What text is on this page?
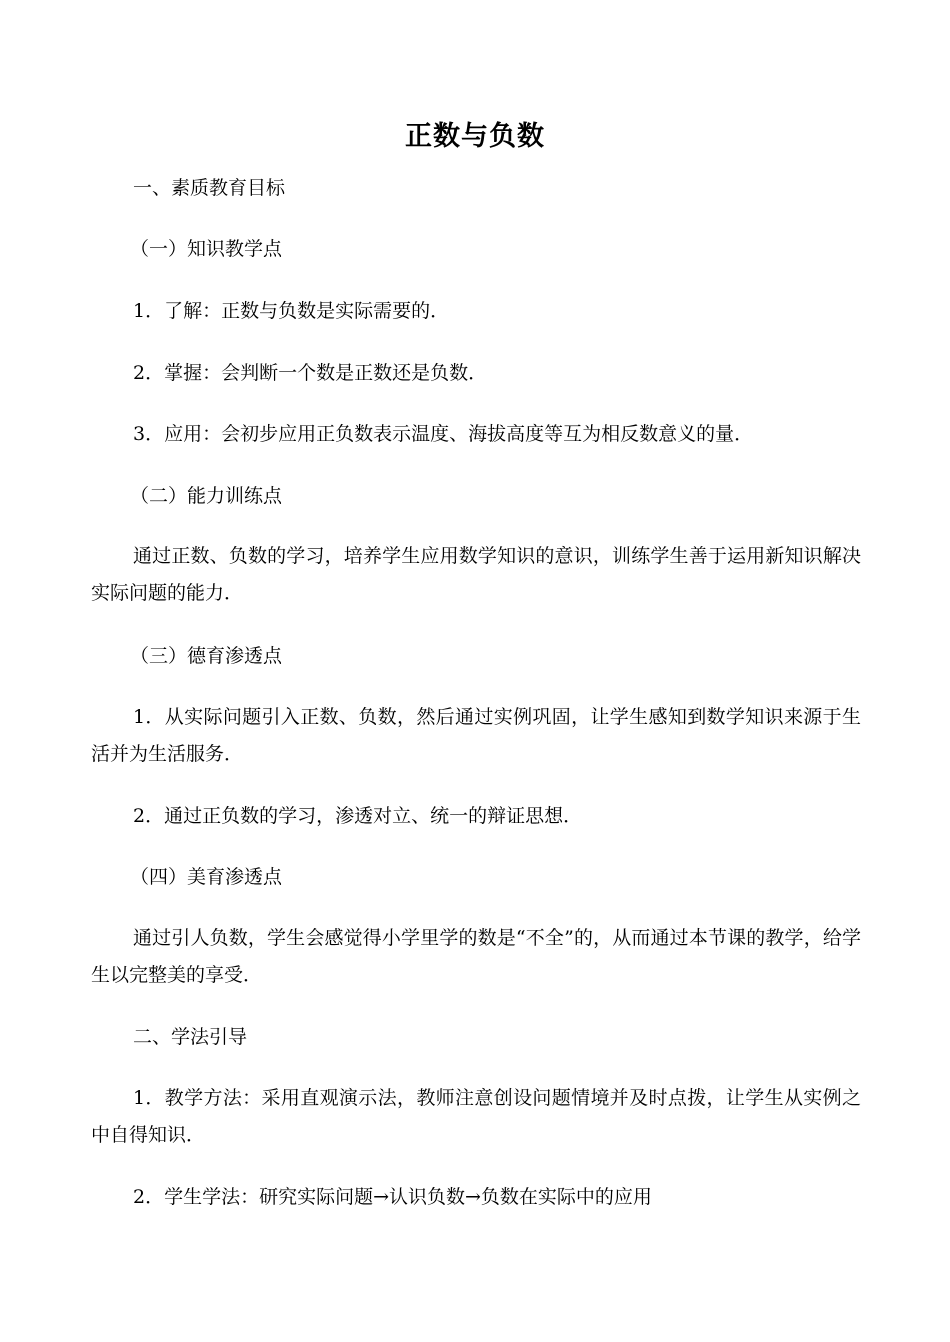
正数与负数
一、素质教育目标
（一）知识教学点
1．了解：正数与负数是实际需要的．
2．掌握：会判断一个数是正数还是负数．
3．应用：会初步应用正负数表示温度、海拔高度等互为相反数意义的量．
（二）能力训练点
通过正数、负数的学习，培养学生应用数学知识的意识，训练学生善于运用新知识解决实际问题的能力．
（三）德育渗透点
1．从实际问题引入正数、负数，然后通过实例巩固，让学生感知到数学知识来源于生活并为生活服务．
2．通过正负数的学习，渗透对立、统一的辩证思想．
（四）美育渗透点
通过引人负数，学生会感觉得小学里学的数是“不全”的，从而通过本节课的教学，给学生以完整美的享受．
二、学法引导
1．教学方法：采用直观演示法，教师注意创设问题情境并及时点拨，让学生从实例之中自得知识．
2．学生学法：研究实际问题→认识负数→负数在实际中的应用
